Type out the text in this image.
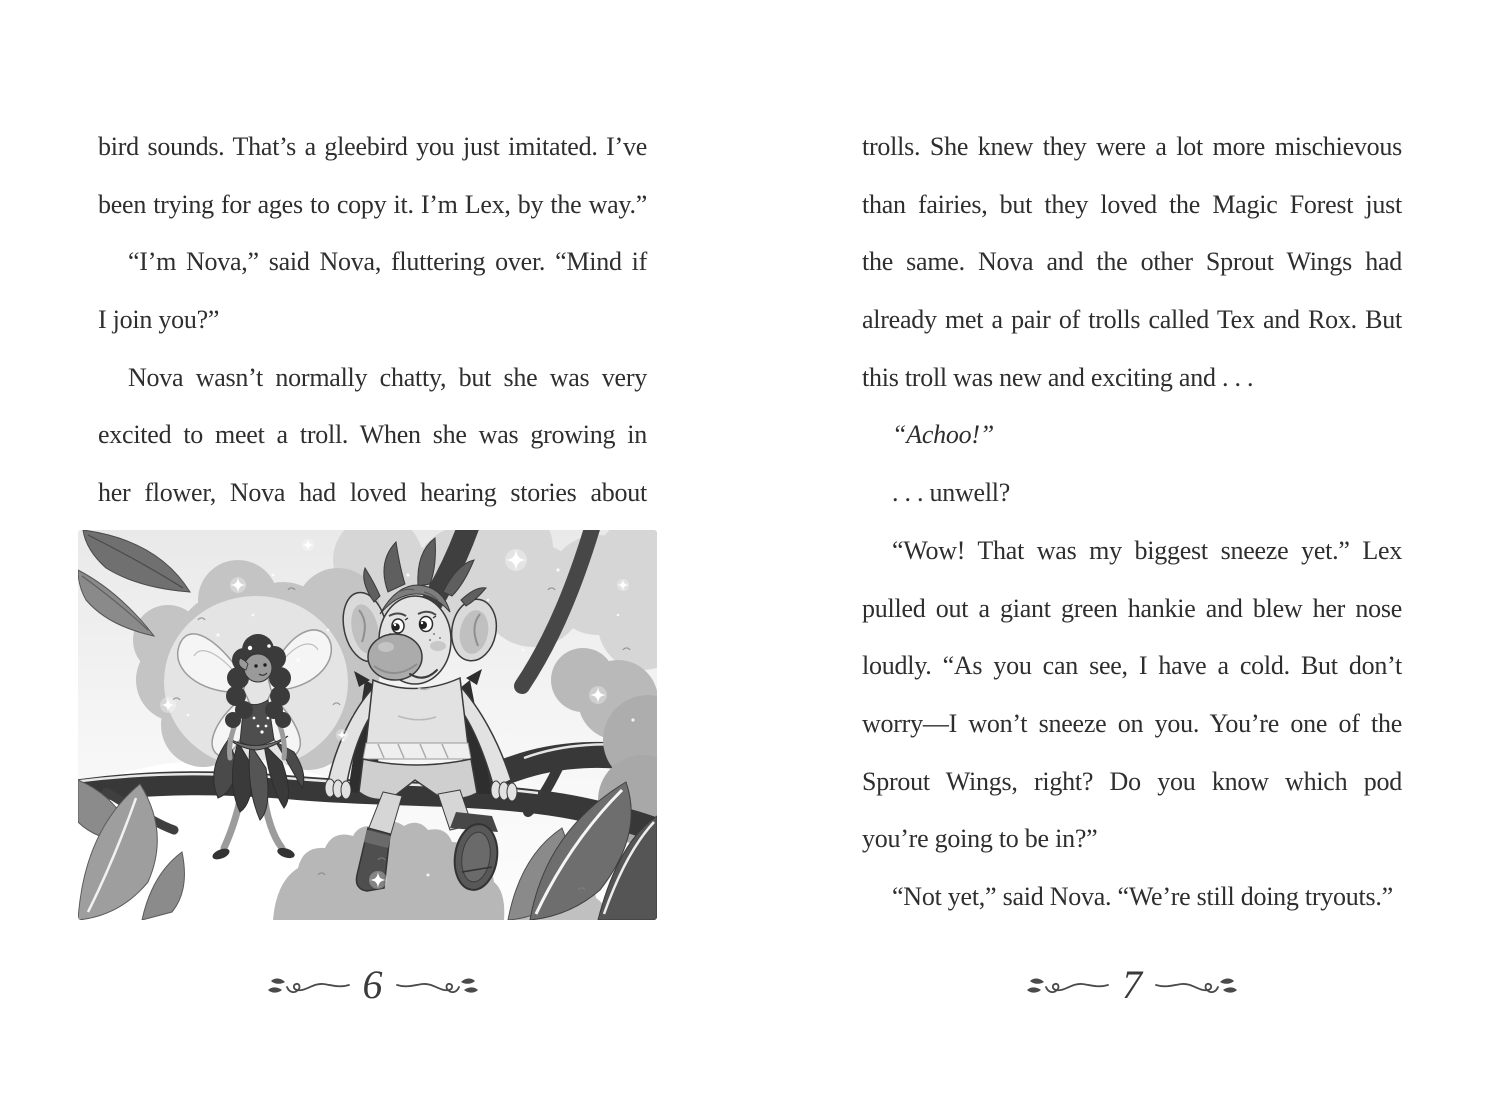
bird sounds. That’s a gleebird you just imitated. I’ve
been trying for ages to copy it. I’m Lex, by the way.”
“I’m Nova,” said Nova, fluttering over. “Mind if
I join you?”
Nova wasn’t normally chatty, but she was very
excited to meet a troll. When she was growing in
her flower, Nova had loved hearing stories about
6
trolls. She knew they were a lot more mischievous
than fairies, but they loved the Magic Forest just
the same. Nova and the other Sprout Wings had
already met a pair of trolls called Tex and Rox. But
this troll was new and exciting and . . .
“Achoo!”
. . . unwell?
“Wow! That was my biggest sneeze yet.” Lex
pulled out a giant green hankie and blew her nose
loudly. “As you can see, I have a cold. But don’t
worry—I won’t sneeze on you. You’re one of the
Sprout Wings, right? Do you know which pod
you’re going to be in?”
“Not yet,” said Nova. “We’re still doing tryouts.”
7
